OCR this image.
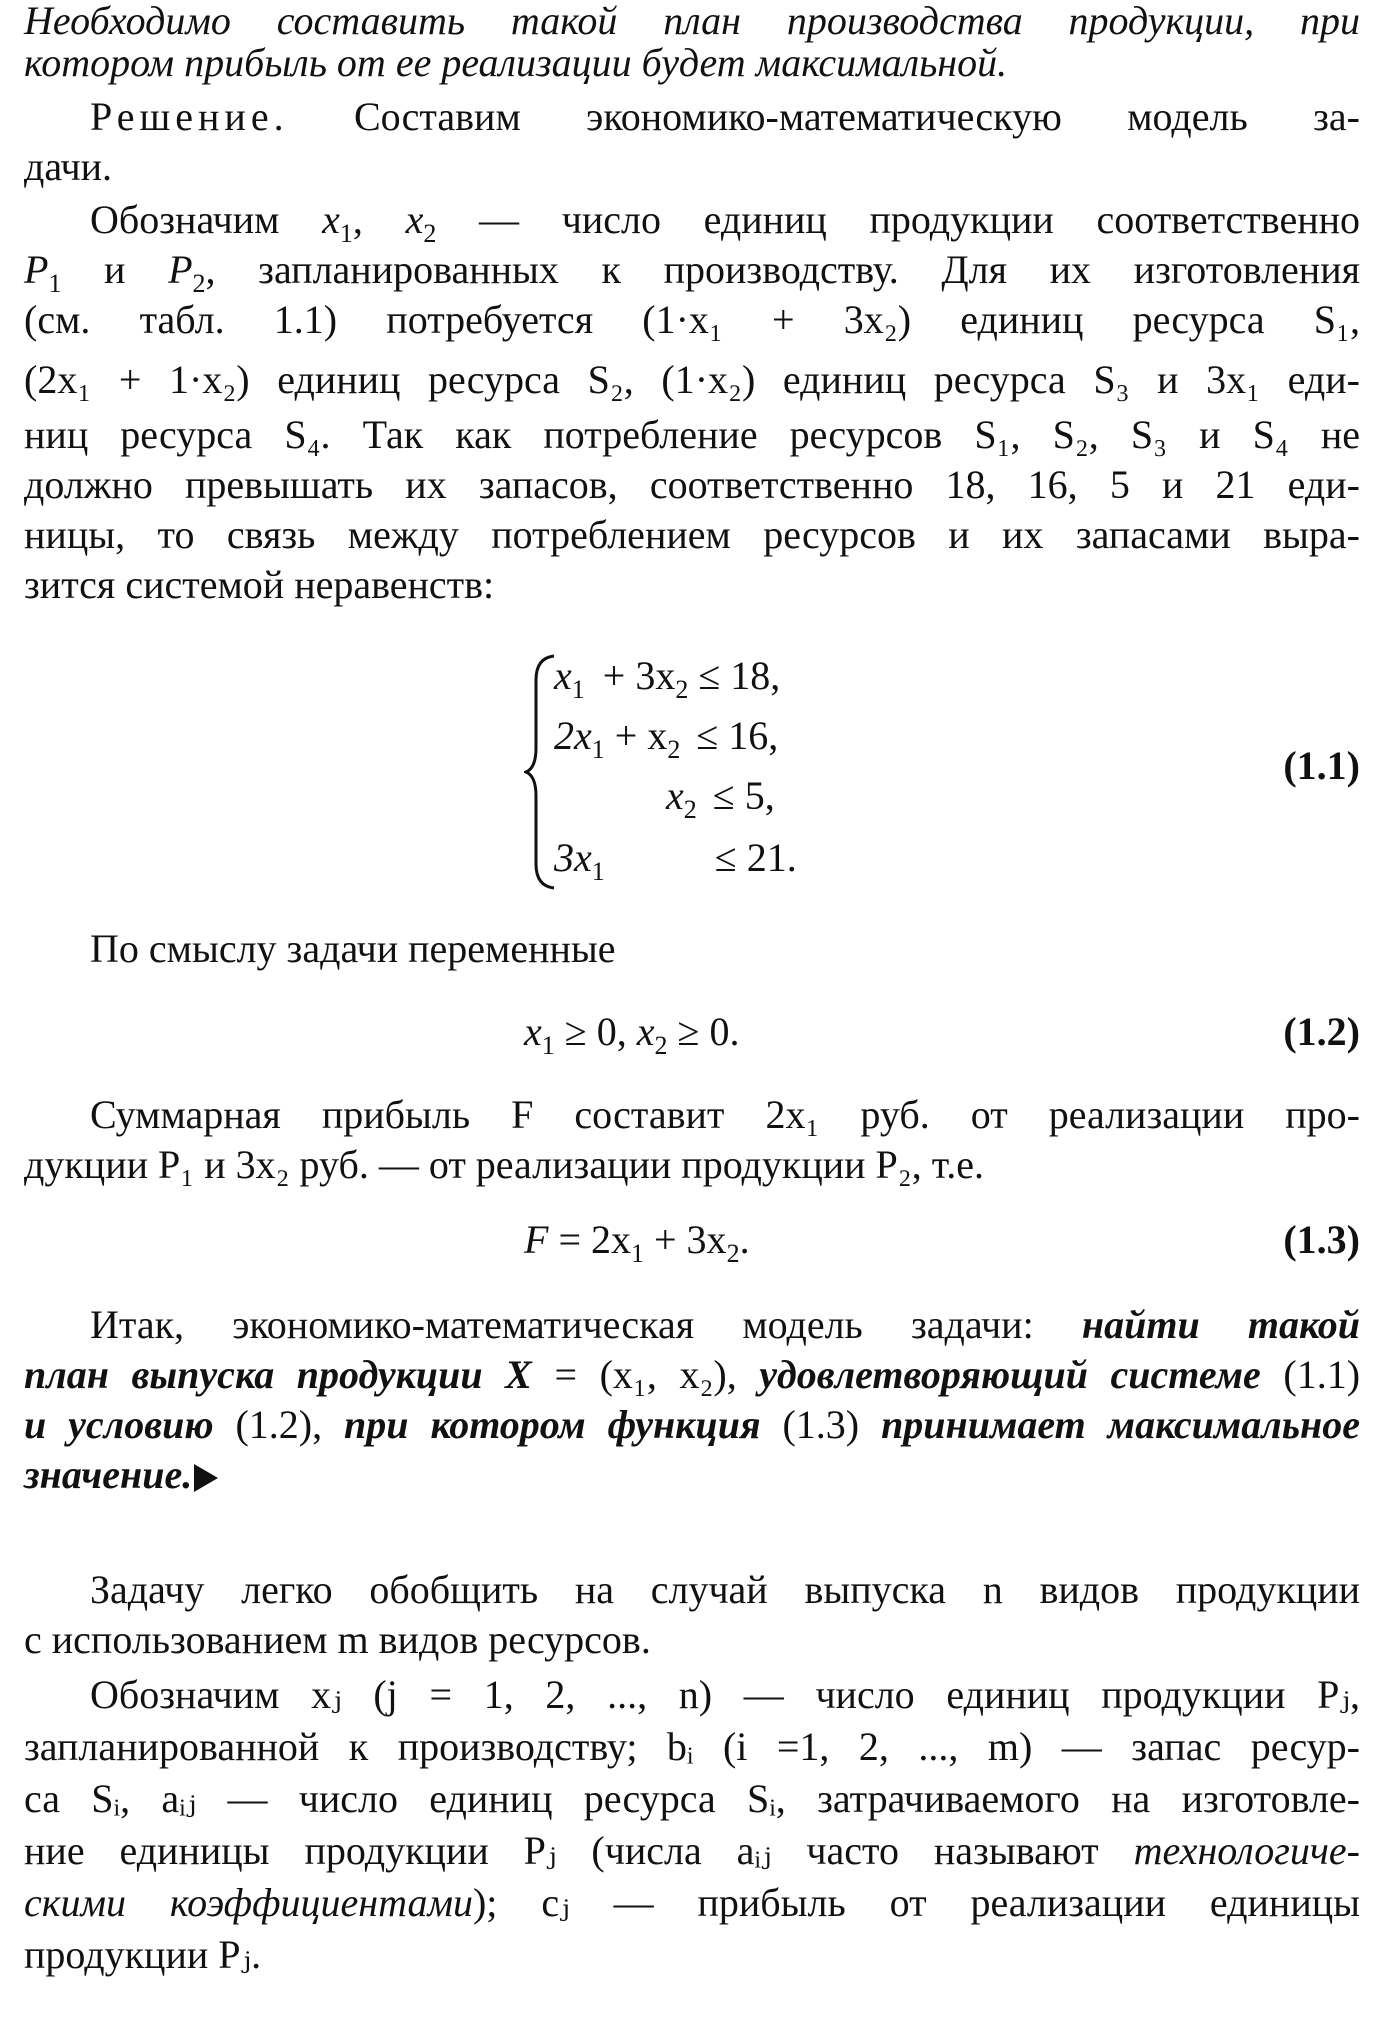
Необходимо составить такой план производства продукции, при
котором прибыль от ее реализации будет максимальной.
Решение. Составим экономико-математическую модель за-
дачи.
Обозначим $x_1$, $x_2$ — число единиц продукции соответственно
$P_1$ и $P_2$, запланированных к производству. Для их изготовления
(см. табл. 1.1) потребуется (1·x₁ + 3x₂) единиц ресурса S₁,
(2x₁ + 1·x₂) единиц ресурса S₂, (1·x₂) единиц ресурса S₃ и 3x₁ еди-
ниц ресурса S₄. Так как потребление ресурсов S₁, S₂, S₃ и S₄ не
должно превышать их запасов, соответственно 18, 16, 5 и 21 еди-
ницы, то связь между потреблением ресурсов и их запасами выра-
зится системой неравенств:
$x_1 + 3x_2 \le 18$,
$2x_1 + x_2 \le 16$,
$x_2 \le 5$,
$3x_1$	≤ 21.
(1.1)
По смыслу задачи переменные
$x_1 \ge 0$, $x_2 \ge 0$.	(1.2)
Суммарная прибыль F составит 2x₁ руб. от реализации про-
дукции P₁ и 3x₂ руб. — от реализации продукции P₂, т.е.
$F = 2x_1 + 3x_2$.	(1.3)
Итак, экономико-математическая модель задачи: найти такой
план выпуска продукции X = (x₁, x₂), удовлетворяющий системе (1.1)
и условию (1.2), при котором функция (1.3) принимает максимальное
значение.
Задачу легко обобщить на случай выпуска n видов продукции
с использованием m видов ресурсов.
Обозначим xⱼ (j = 1, 2, ..., n) — число единиц продукции Pⱼ,
запланированной к производству; bᵢ (i =1, 2, ..., m) — запас ресур-
са Sᵢ, aᵢⱼ — число единиц ресурса Sᵢ, затрачиваемого на изготовле-
ние единицы продукции Pⱼ (числа aᵢⱼ часто называют технологиче-
скими коэффициентами); cⱼ — прибыль от реализации единицы
продукции Pⱼ.
